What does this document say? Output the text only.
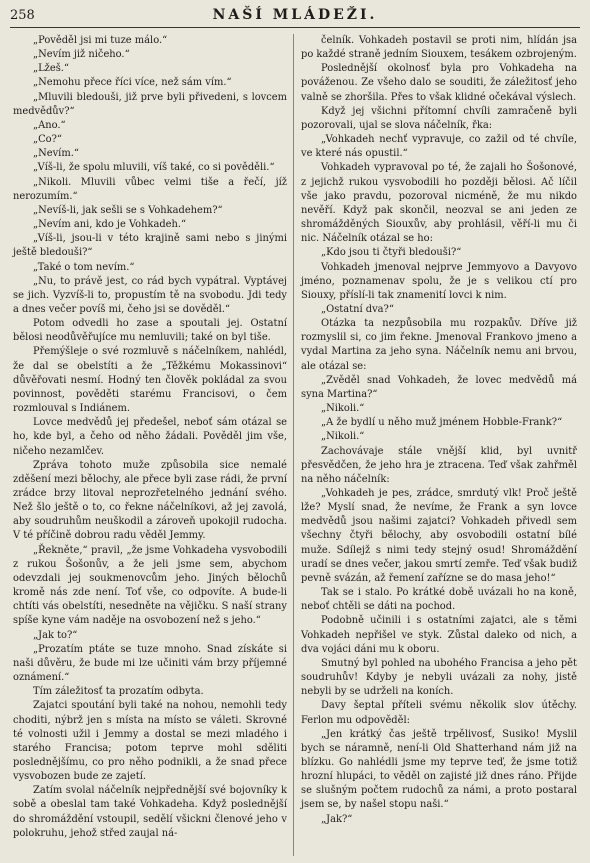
258	NAŠÍ MLÁDEŽI.

„Pověděl jsi mi tuze málo.“

„Nevím již ničeho.“

„Lžeš.“

„Nemohu přece říci více, než sám vím.“

„Mluvili bledouši, již prve byli přivedeni, s lovcem medvědův?“

„Ano.“

„Co?“

„Nevím.“

„Víš-li, že spolu mluvili, víš také, co si pověděli.“

„Nikoli. Mluvili vůbec velmi tiše a řečí, jíž nerozumím.“

„Nevíš-li, jak sešli se s Vohkadehem?“

„Nevím ani, kdo je Vohkadeh.“

„Víš-li, jsou-li v této krajině sami nebo s jinými ještě bledouši?“

„Také o tom nevím.“

„Nu, to právě jest, co rád bych vypátral. Vyptávej se jich. Vyzvíš-li to, propustím tě na svobodu. Jdi tedy a dnes večer povíš mi, čeho jsi se dověděl.“

Potom odvedli ho zase a spoutali jej. Ostatní bělosi neodůvěřujíce mu nemluvili; také on byl tiše.

Přemýšleje o své rozmluvě s náčelníkem, nahlédl, že dal se obelstíti a že „Těžkému Mokassinovi“ důvěřovati nesmí. Hodný ten člověk pokládal za svou povinnost, pověděti starému Francisovi, o čem rozmlouval s Indiánem.

Lovce medvědů jej předešel, neboť sám otázal se ho, kde byl, a čeho od něho žádali. Pověděl jim vše, ničeho nezamlčev.

Zpráva tohoto muže způsobila sice nemalé zděšení mezi bělochy, ale přece byli zase rádi, že první zrádce brzy litoval neprozřetelného jednání svého. Než šlo ještě o to, co řekne náčelníkovi, až jej zavolá, aby soudruhům neuškodil a zároveň upokojil rudocha. V té příčině dobrou radu věděl Jemmy.

„Řekněte,“ pravil, „že jsme Vohkadeha vysvobodili z rukou Šošonův, a že jeli jsme sem, abychom odevzdali jej soukmenovcům jeho. Jiných bělochů kromě nás zde není. Toť vše, co odpovíte. A bude-li chtíti vás obelstíti, nesedněte na vějičku. S naší strany spíše kyne vám naděje na osvobození než s jeho.“

„Jak to?“

„Prozatím ptáte se tuze mnoho. Snad získáte si naši důvěru, že bude mi lze učiniti vám brzy příjemné oznámení.“

Tím záležitosť ta prozatím odbyta.

Zajatci spoutání byli také na nohou, nemohli tedy choditi, nýbrž jen s místa na místo se váleti. Skrovné té volnosti užil i Jemmy a dostal se mezi mladého i starého Francisa; potom teprve mohl sděliti poslednějšímu, co pro něho podnikli, a že snad přece vysvobozen bude ze zajetí.

Zatím svolal náčelník nejpřednější své bojovníky k sobě a obeslal tam také Vohkadeha. Když poslednější do shromáždění vstoupil, sedělí všickni členové jeho v polokruhu, jehož střed zaujal ná-

čelník. Vohkadeh postavil se proti nim, hlídán jsa po každé straně jedním Siouxem, tesákem ozbrojeným.

Poslednější okolnosť byla pro Vohkadeha na pováženou. Ze všeho dalo se souditi, že záležitosť jeho valně se zhoršila. Přes to však klidné očekával výslech.

Když jej všichni přítomní chvíli zamračeně byli pozorovali, ujal se slova náčelník, řka:

„Vohkadeh nechť vypravuje, co zažil od té chvíle, ve které nás opustil.“

Vohkadeh vypravoval po té, že zajali ho Šošonové, z jejichž rukou vysvobodili ho později bělosi. Ač líčil vše jako pravdu, pozoroval nicméně, že mu nikdo nevěří. Když pak skončil, neozval se ani jeden ze shromážděných Siouxův, aby prohlásil, věří-li mu či nic. Náčelník otázal se ho:

„Kdo jsou ti čtyři bledouši?“

Vohkadeh jmenoval nejprve Jemmyovo a Davyovo jméno, poznamenav spolu, že je s velikou ctí pro Siouxy, příslí-li tak znamenití lovci k nim.

„Ostatní dva?“

Otázka ta nezpůsobila mu rozpakův. Dříve již rozmyslil si, co jim řekne. Jmenoval Frankovo jmeno a vydal Martina za jeho syna. Náčelník nemu ani brvou, ale otázal se:

„Zvěděl snad Vohkadeh, že lovec medvědů má syna Martina?“

„Nikoli.“

„A že bydlí u něho muž jménem Hobble-Frank?“

„Nikoli.“

Zachovávaje stále vnější klid, byl uvnitř přesvědčen, že jeho hra je ztracena. Teď však zahřměl na něho náčelník:

„Vohkadeh je pes, zrádce, smrdutý vlk! Proč ještě lže? Myslí snad, že nevíme, že Frank a syn lovce medvědů jsou našimi zajatci? Vohkadeh přivedl sem všechny čtyři bělochy, aby osvobodili ostatní bílé muže. Sdílejž s nimi tedy stejný osud! Shromáždění uradí se dnes večer, jakou smrtí zemře. Teď však budiž pevně svázán, až řemení zařízne se do masa jeho!“

Tak se i stalo. Po krátké době uvázali ho na koně, neboť chtěli se dáti na pochod.

Podobně učinili i s ostatními zajatci, ale s těmi Vohkadeh nepřišel ve styk. Zůstal daleko od nich, a dva vojáci dáni mu k oboru.

Smutný byl pohled na ubohého Francisa a jeho pět soudruhův! Kdyby je nebyli uvázali za nohy, jistě nebyli by se udrželi na koních.

Davy šeptal příteli svému několik slov útěchy. Ferlon mu odpověděl:

„Jen krátký čas ještě trpělivosť, Susiko! Myslil bych se náramně, není-li Old Shatterhand nám již na blízku. Go nahlédli jsme my teprve teď, že jsme totiž hrozní hlupáci, to věděl on zajisté již dnes ráno. Přijde se slušným počtem rudochů za námi, a proto postaral jsem se, by našel stopu naši.“

„Jak?“
